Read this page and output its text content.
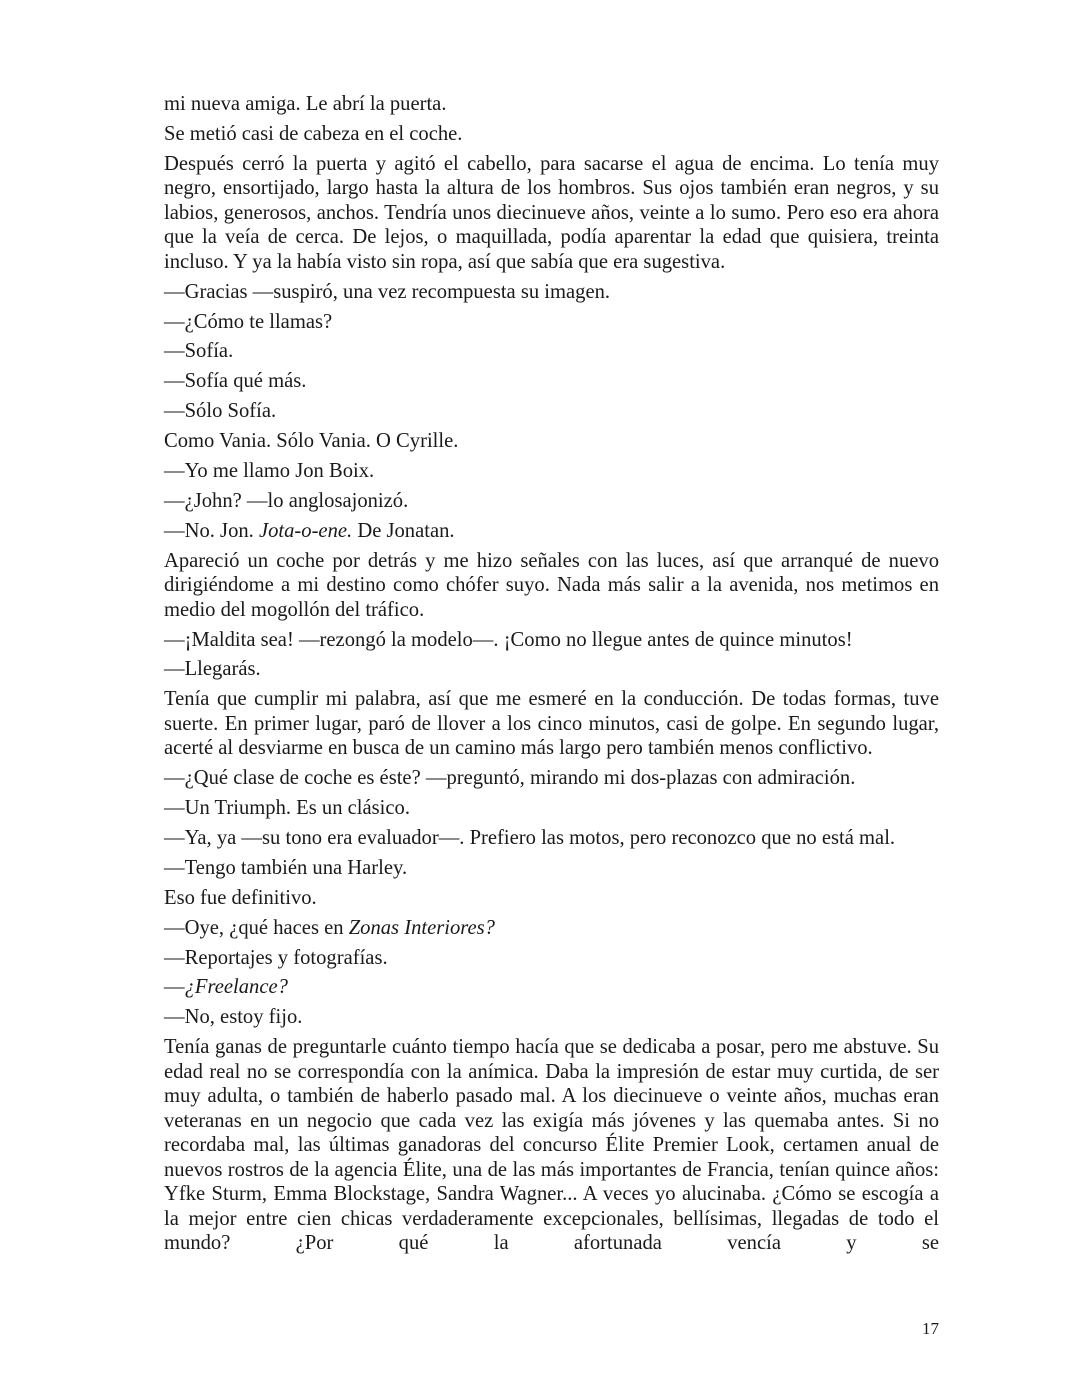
mi nueva amiga. Le abrí la puerta.

Se metió casi de cabeza en el coche.

Después cerró la puerta y agitó el cabello, para sacarse el agua de encima. Lo tenía muy negro, ensortijado, largo hasta la altura de los hombros. Sus ojos también eran negros, y su labios, generosos, anchos. Tendría unos diecinueve años, veinte a lo sumo. Pero eso era ahora que la veía de cerca. De lejos, o maquillada, podía aparentar la edad que quisiera, treinta incluso. Y ya la había visto sin ropa, así que sabía que era sugestiva.

—Gracias —suspiró, una vez recompuesta su imagen.

—¿Cómo te llamas?

—Sofía.

—Sofía qué más.

—Sólo Sofía.

Como Vania. Sólo Vania. O Cyrille.

—Yo me llamo Jon Boix.

—¿John? —lo anglosajonizó.

—No. Jon. Jota-o-ene. De Jonatan.

Apareció un coche por detrás y me hizo señales con las luces, así que arranqué de nuevo dirigiéndome a mi destino como chófer suyo. Nada más salir a la avenida, nos metimos en medio del mogollón del tráfico.

—¡Maldita sea! —rezongó la modelo—. ¡Como no llegue antes de quince minutos!

—Llegarás.

Tenía que cumplir mi palabra, así que me esmeré en la conducción. De todas formas, tuve suerte. En primer lugar, paró de llover a los cinco minutos, casi de golpe. En segundo lugar, acerté al desviarme en busca de un camino más largo pero también menos conflictivo.

—¿Qué clase de coche es éste? —preguntó, mirando mi dos-plazas con admiración.

—Un Triumph. Es un clásico.

—Ya, ya —su tono era evaluador—. Prefiero las motos, pero reconozco que no está mal.

—Tengo también una Harley.

Eso fue definitivo.

—Oye, ¿qué haces en Zonas Interiores?

—Reportajes y fotografías.

—¿Freelance?

—No, estoy fijo.

Tenía ganas de preguntarle cuánto tiempo hacía que se dedicaba a posar, pero me abstuve. Su edad real no se correspondía con la anímica. Daba la impresión de estar muy curtida, de ser muy adulta, o también de haberlo pasado mal. A los diecinueve o veinte años, muchas eran veteranas en un negocio que cada vez las exigía más jóvenes y las quemaba antes. Si no recordaba mal, las últimas ganadoras del concurso Élite Premier Look, certamen anual de nuevos rostros de la agencia Élite, una de las más importantes de Francia, tenían quince años: Yfke Sturm, Emma Blockstage, Sandra Wagner... A veces yo alucinaba. ¿Cómo se escogía a la mejor entre cien chicas verdaderamente excepcionales, bellísimas, llegadas de todo el mundo? ¿Por qué la afortunada vencía y se

17
